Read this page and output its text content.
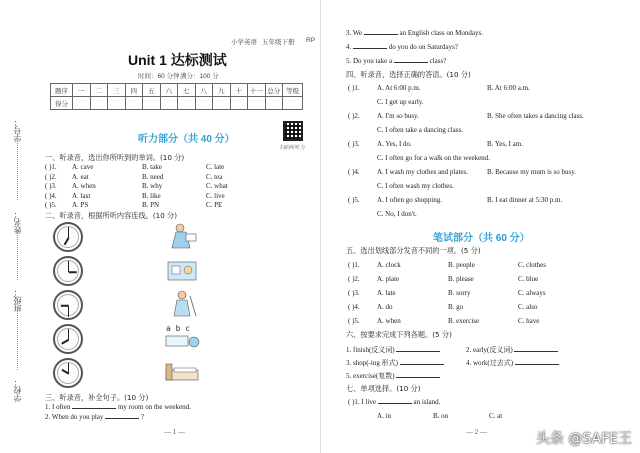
学号：
姓名：
班级：
学校：
小学英语 五年级下册 RP
Unit 1 达标测试
时间：60 分钟 满分：100 分
题序	一	二	三	四	五	六	七	八	九	十	十一	总分	等级
得分													
听力部分（共 40 分）
扫码听听力
一、听录音，选出你所听到的单词。(10 分)
( )1. A. cave	B. take	C. late
( )2. A. eat	B. need	C. tea
( )3. A. when	B. why	C. what
( )4. A. last	B. like	C. live
( )5. A. PS	B. PN	C. PE
二、听录音，根据所听内容连线。(10 分)
a b c
三、听录音，补全句子。(10 分)
1. I often	my room on the weekend.
2. When do you play	?
— 1 —
3. We	an English class on Mondays.
4.	do you do on Saturdays?
5. Do you take a	class?
四、听录音，选择正确的答语。(10 分)
( )1. A. At 6:00 p.m.	B. At 6:00 a.m.
C. I get up early.
( )2. A. I'm so busy.	B. She often takes a dancing class.
C. I often take a dancing class.
( )3. A. Yes, I do.	B. Yes, I am.
C. I often go for a walk on the weekend.
( )4. A. I wash my clothes and plates.	B. Because my mum is so busy.
C. I often wash my clothes.
( )5. A. I often go shopping.	B. I eat dinner at 5:30 p.m.
C. No, I don't.
笔试部分（共 60 分）
五、选出划线部分发音不同的一项。(5 分)
( )1. A. clock	B. people	C. clothes
( )2. A. plate	B. please	C. blue
( )3. A. late	B. sorry	C. always
( )4. A. do	B. go	C. also
( )5. A. when	B. exercise	C. have
六、按要求完成下列各题。(5 分)
1. finish(反义词)	2. early(反义词)
3. shop(-ing 形式)	4. work(过去式)
5. exercise(复数)
七、单项选择。(10 分)
( )1. I live	an island.
A. in	B. on	C. at
— 2 —	头条 @SAFE王
